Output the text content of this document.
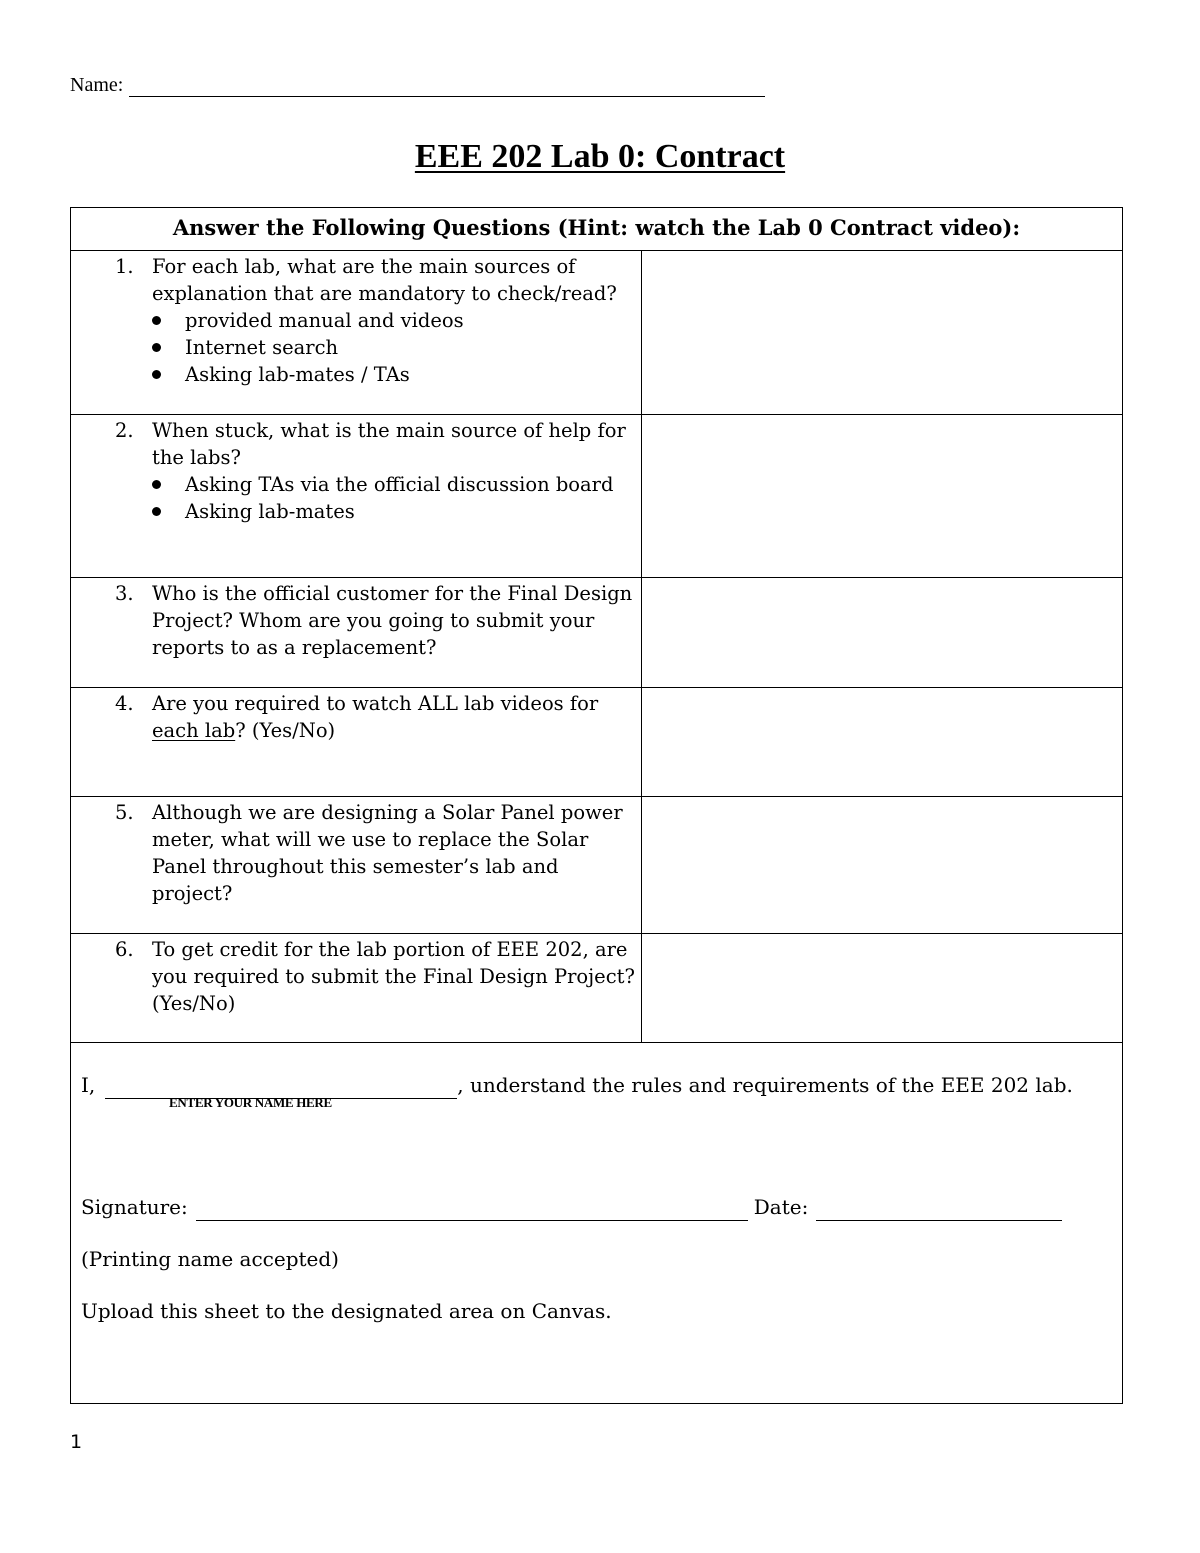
Name:
EEE 202 Lab 0: Contract
Answer the Following Questions (Hint: watch the Lab 0 Contract video):
1. For each lab, what are the main sources of explanation that are mandatory to check/read?
provided manual and videos
Internet search
Asking lab-mates / TAs
2. When stuck, what is the main source of help for the labs?
Asking TAs via the official discussion board
Asking lab-mates
3. Who is the official customer for the Final Design Project? Whom are you going to submit your reports to as a replacement?
4. Are you required to watch ALL lab videos for each lab? (Yes/No)
5. Although we are designing a Solar Panel power meter, what will we use to replace the Solar Panel throughout this semester’s lab and project?
6. To get credit for the lab portion of EEE 202, are you required to submit the Final Design Project? (Yes/No)
I,	, understand the rules and requirements of the EEE 202 lab.
ENTER YOUR NAME HERE
Signature:	Date:
(Printing name accepted)
Upload this sheet to the designated area on Canvas.
1
